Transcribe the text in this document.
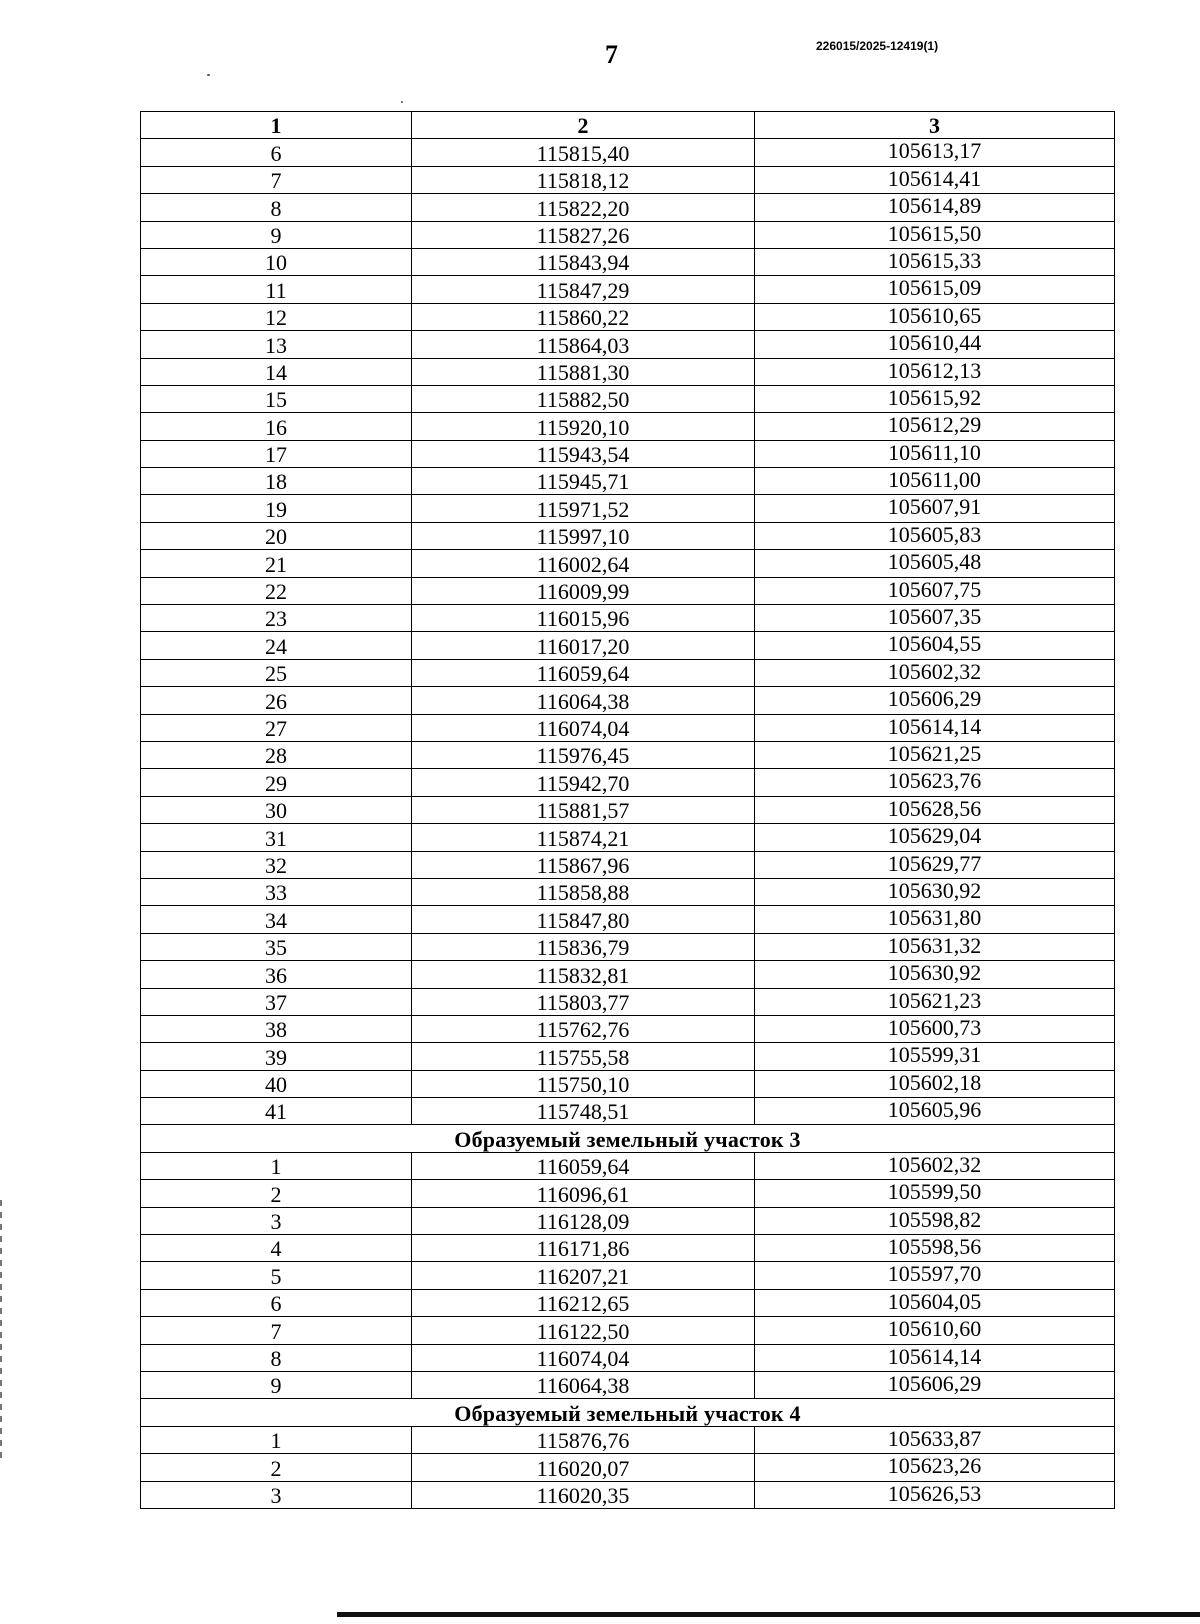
7	226015/2025-12419(1)
1	2	3
6	115815,40	105613,17
7	115818,12	105614,41
8	115822,20	105614,89
9	115827,26	105615,50
10	115843,94	105615,33
11	115847,29	105615,09
12	115860,22	105610,65
13	115864,03	105610,44
14	115881,30	105612,13
15	115882,50	105615,92
16	115920,10	105612,29
17	115943,54	105611,10
18	115945,71	105611,00
19	115971,52	105607,91
20	115997,10	105605,83
21	116002,64	105605,48
22	116009,99	105607,75
23	116015,96	105607,35
24	116017,20	105604,55
25	116059,64	105602,32
26	116064,38	105606,29
27	116074,04	105614,14
28	115976,45	105621,25
29	115942,70	105623,76
30	115881,57	105628,56
31	115874,21	105629,04
32	115867,96	105629,77
33	115858,88	105630,92
34	115847,80	105631,80
35	115836,79	105631,32
36	115832,81	105630,92
37	115803,77	105621,23
38	115762,76	105600,73
39	115755,58	105599,31
40	115750,10	105602,18
41	115748,51	105605,96
Образуемый земельный участок 3		
1	116059,64	105602,32
2	116096,61	105599,50
3	116128,09	105598,82
4	116171,86	105598,56
5	116207,21	105597,70
6	116212,65	105604,05
7	116122,50	105610,60
8	116074,04	105614,14
9	116064,38	105606,29
Образуемый земельный участок 4		
1	115876,76	105633,87
2	116020,07	105623,26
3	116020,35	105626,53
